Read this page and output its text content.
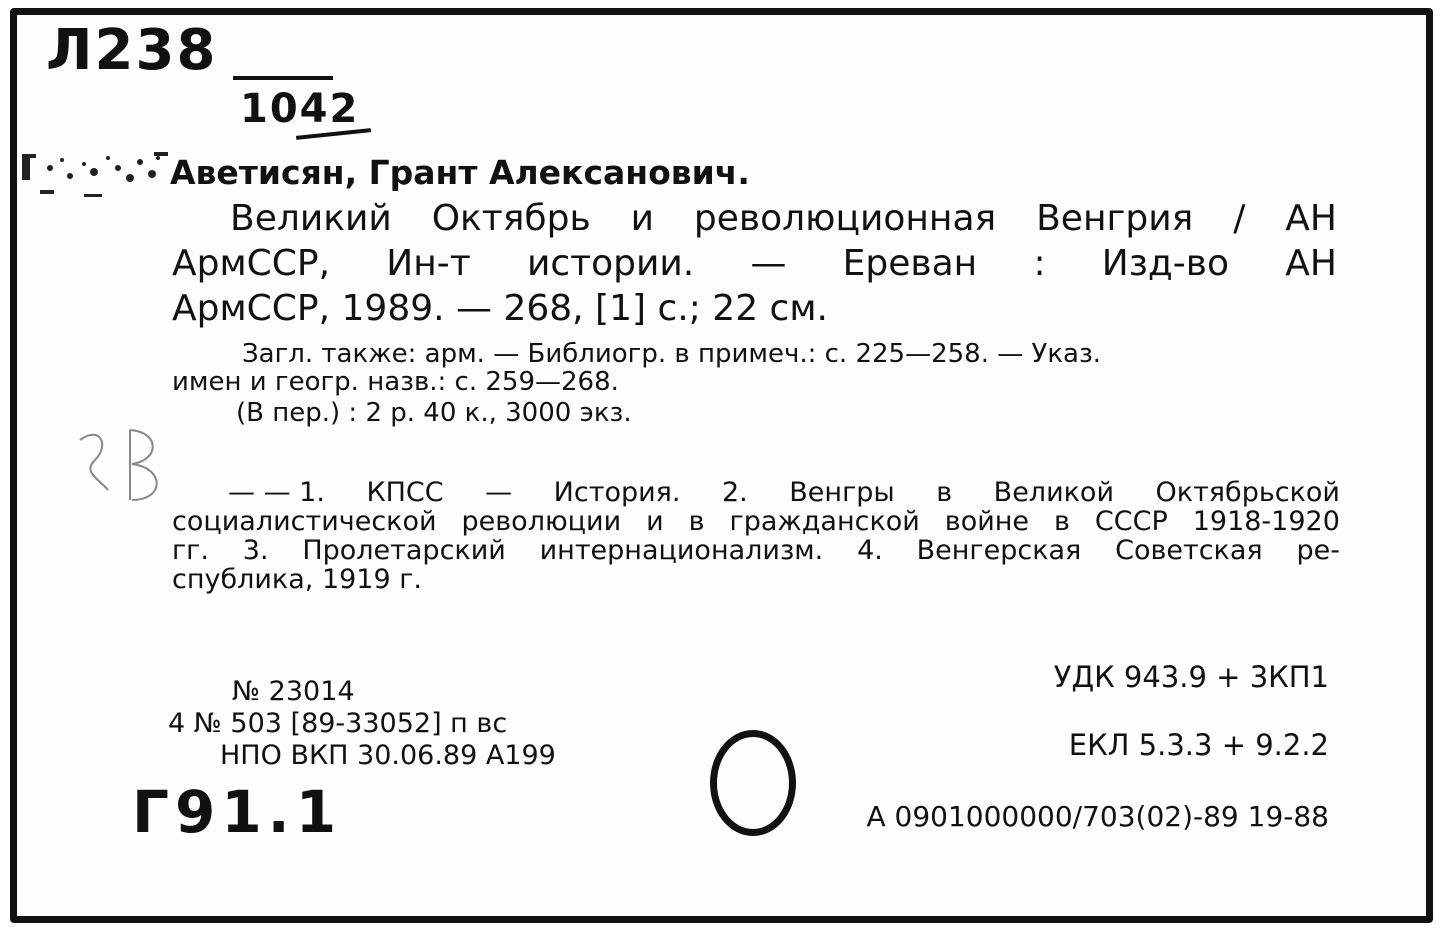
Л238
1042
Аветисян, Грант Алексанович.
Великий Октябрь и революционная Венгрия / АН
АрмССР, Ин-т истории. — Ереван : Изд-во АН
АрмССР, 1989. — 268, [1] с.; 22 см.
Загл. также: арм. — Библиогр. в примеч.: с. 225—258. — Указ.
имен и геогр. назв.: с. 259—268.
(В пер.) : 2 р. 40 к., 3000 экз.
— — 1. КПСС — История. 2. Венгры в Великой Октябрьской
социалистической революции и в гражданской войне в СССР 1918-1920
гг. 3. Пролетарский интернационализм. 4. Венгерская Советская ре-
спублика, 1919 г.
№ 23014
4 № 503 [89-33052] п вс
НПО ВКП 30.06.89 А199
УДК 943.9 + 3КП1
ЕКЛ 5.3.3 + 9.2.2
А 0901000000/703(02)-89 19-88
Г91.1
